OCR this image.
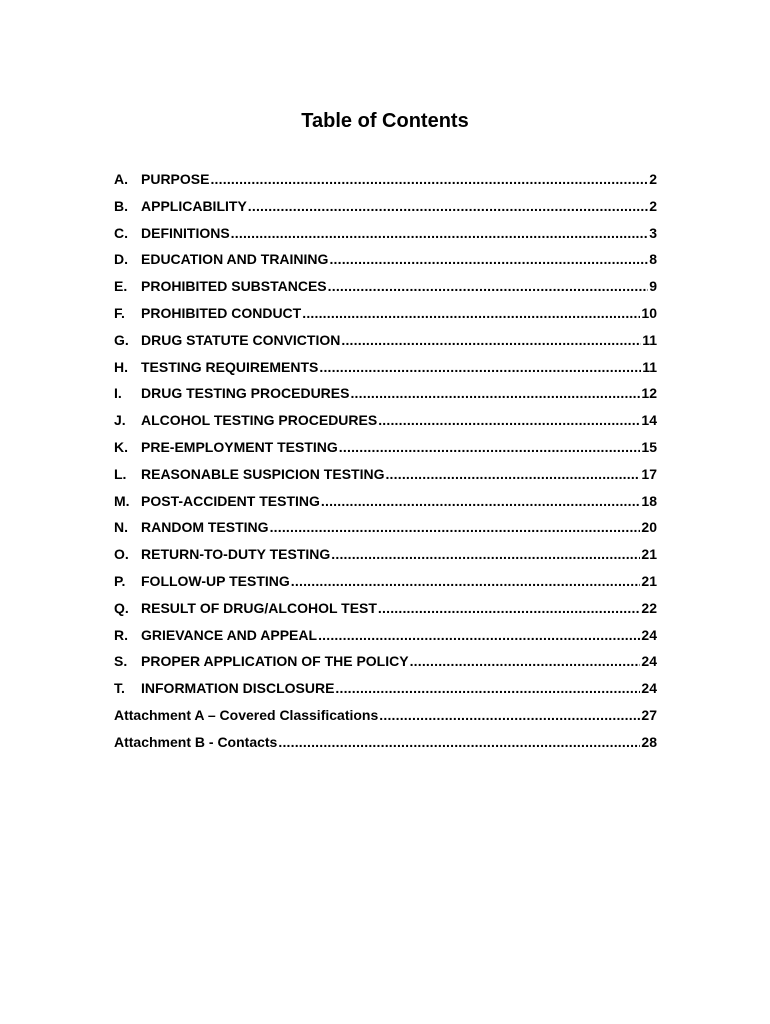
Table of Contents
A. PURPOSE .....	2
B. APPLICABILITY .....	2
C. DEFINITIONS .....	3
D. EDUCATION AND TRAINING .....	8
E. PROHIBITED SUBSTANCES .....	9
F.	PROHIBITED CONDUCT .....	10
G. DRUG STATUTE CONVICTION .....	11
H. TESTING REQUIREMENTS .....	11
I.	DRUG TESTING PROCEDURES .....	12
J.	ALCOHOL TESTING PROCEDURES .....	14
K. PRE-EMPLOYMENT TESTING .....	15
L.	REASONABLE SUSPICION TESTING .....	17
M. POST-ACCIDENT TESTING .....	18
N. RANDOM TESTING .....	20
O. RETURN-TO-DUTY TESTING .....	21
P.	FOLLOW-UP TESTING .....	21
Q. RESULT OF DRUG/ALCOHOL TEST .....	22
R. GRIEVANCE AND APPEAL .....	24
S. PROPER APPLICATION OF THE POLICY .....	24
T.	INFORMATION DISCLOSURE .....	24
Attachment A – Covered Classifications .....	27
Attachment B - Contacts .....	28
